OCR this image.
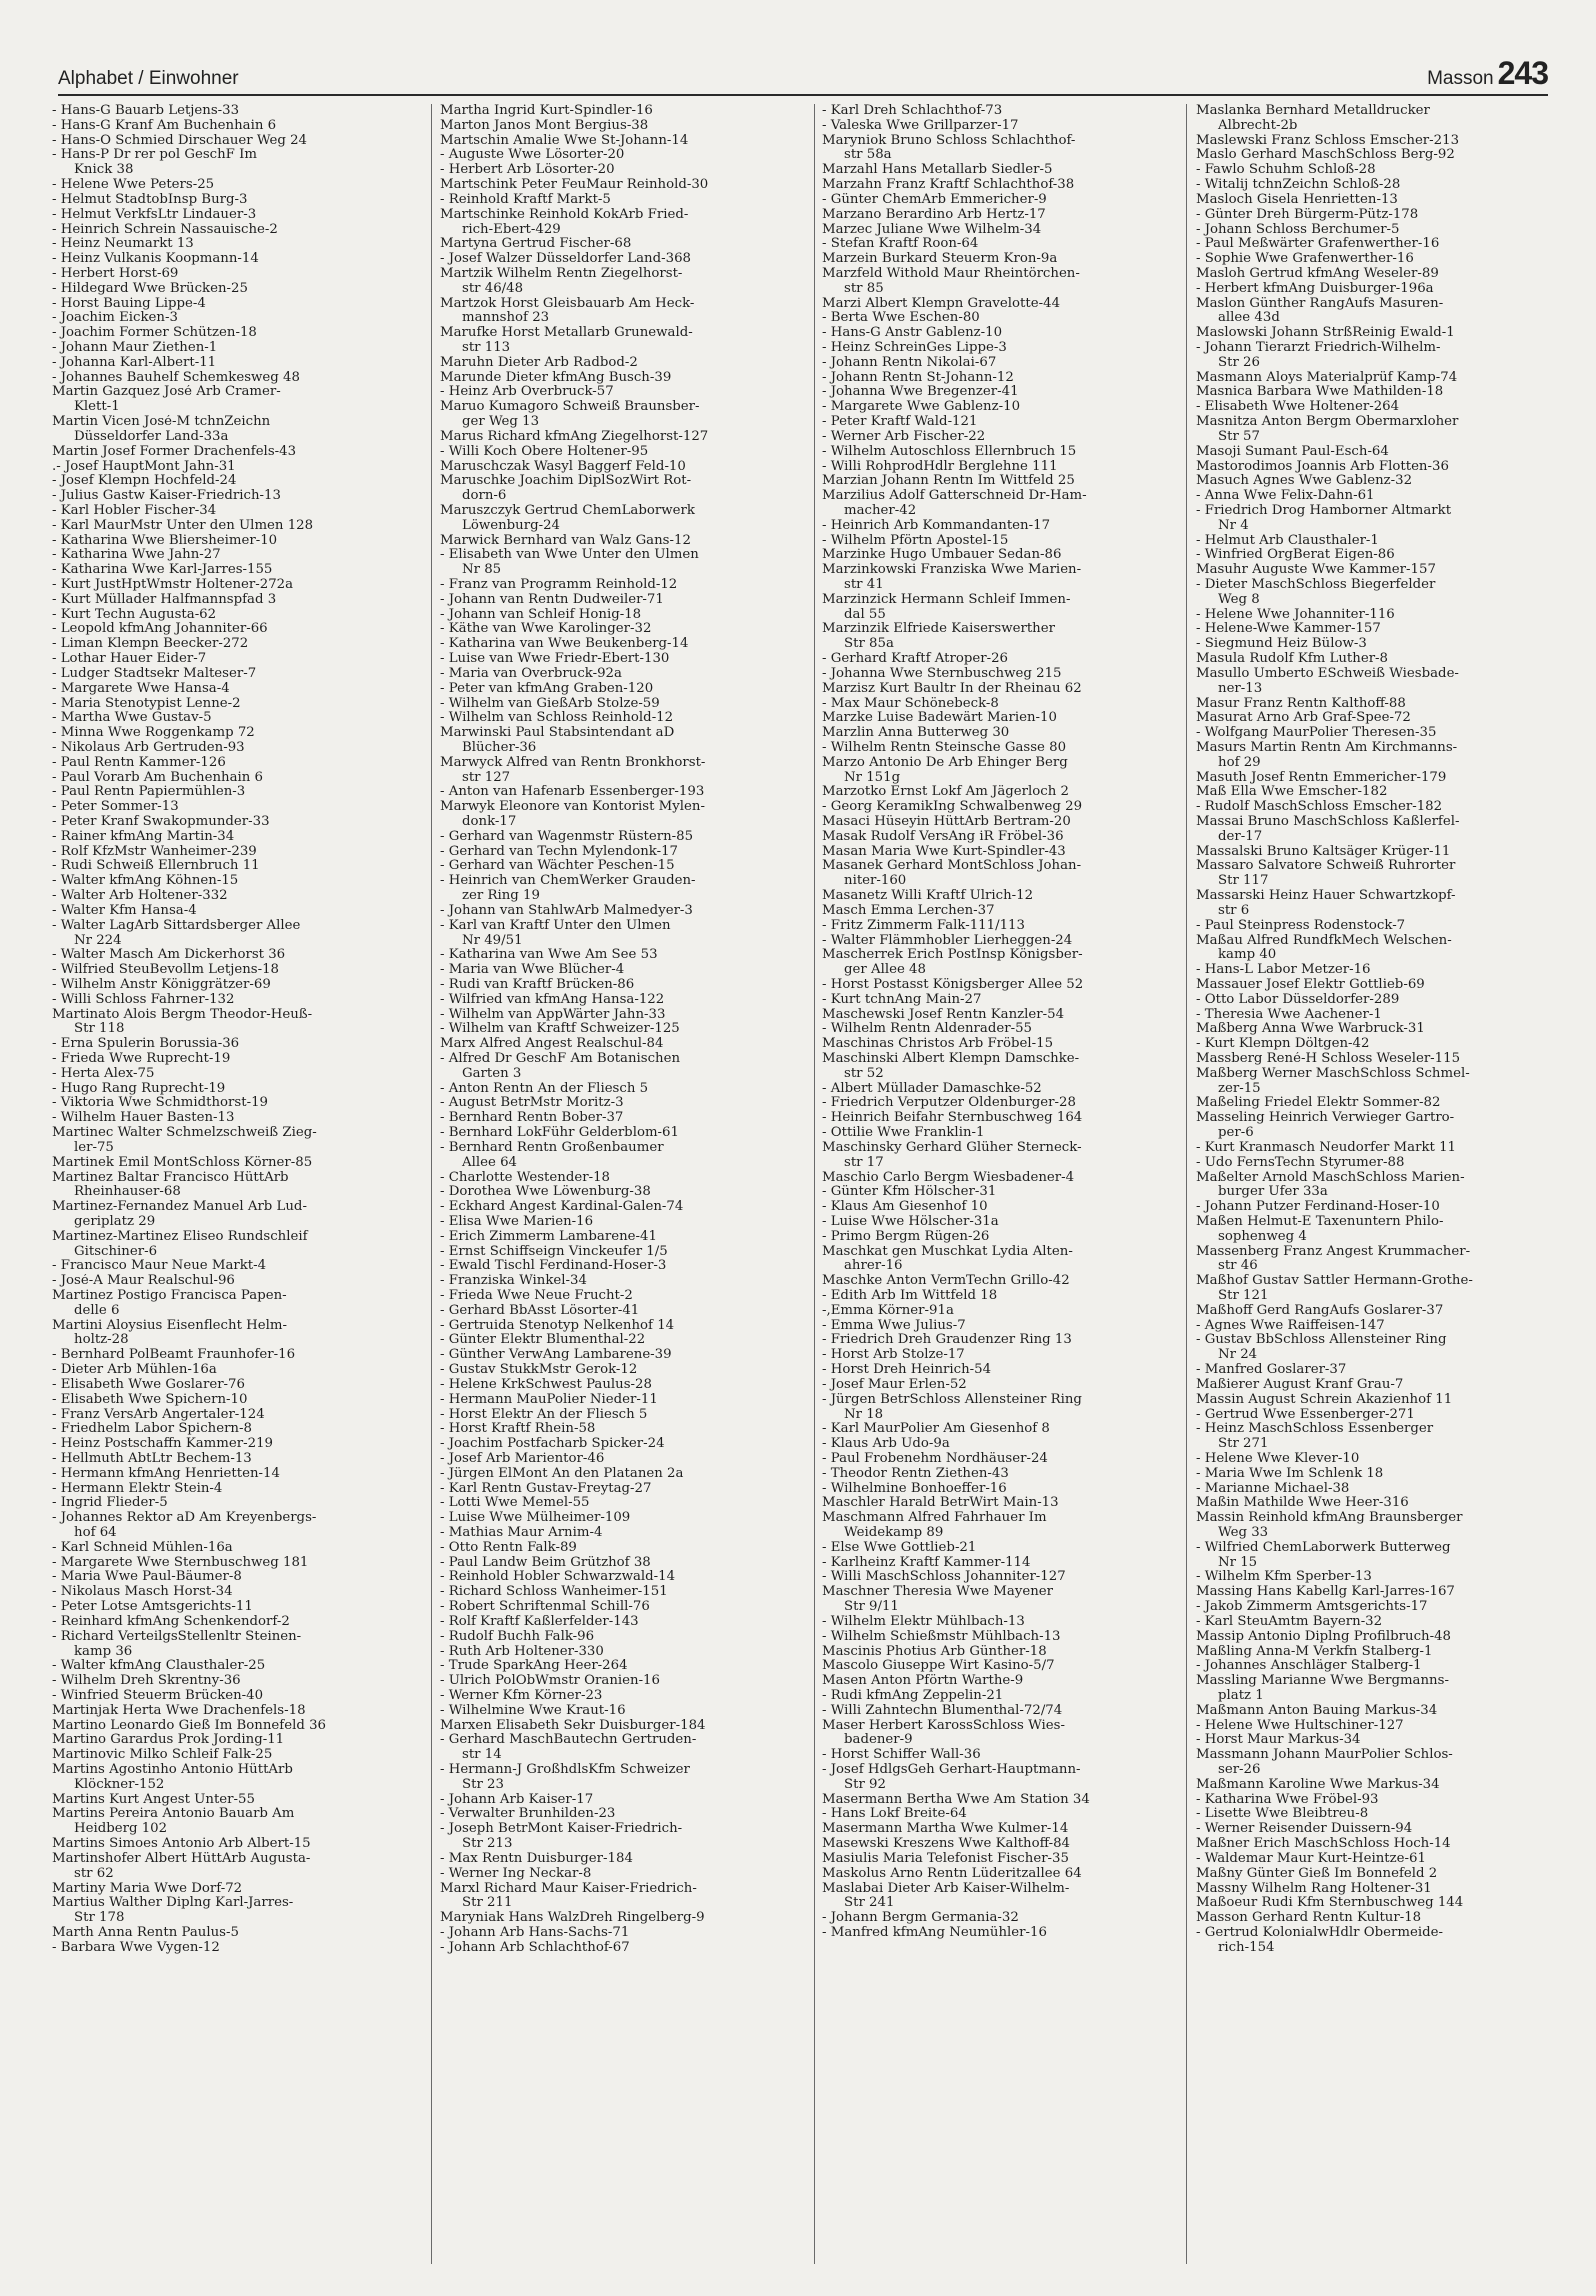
Alphabet / Einwohner	Masson 243
- Hans-G Bauarb Letjens-33
- Hans-G Kranf Am Buchenhain 6
- Hans-O Schmied Dirschauer Weg 24
- Hans-P Dr rer pol GeschF Im
Knick 38
- Helene Wwe Peters-25
- Helmut StadtobInsp Burg-3
- Helmut VerkfsLtr Lindauer-3
- Heinrich Schrein Nassauische-2
- Heinz Neumarkt 13
- Heinz Vulkanis Koopmann-14
- Herbert Horst-69
- Hildegard Wwe Brücken-25
- Horst Bauing Lippe-4
- Joachim Eicken-3
- Joachim Former Schützen-18
- Johann Maur Ziethen-1
- Johanna Karl-Albert-11
- Johannes Bauhelf Schemkesweg 48
Martin Gazquez José Arb Cramer-
Klett-1
Martin Vicen José-M tchnZeichn
Düsseldorfer Land-33a
Martin Josef Former Drachenfels-43
.- Josef HauptMont Jahn-31
- Josef Klempn Hochfeld-24
- Julius Gastw Kaiser-Friedrich-13
- Karl Hobler Fischer-34
- Karl MaurMstr Unter den Ulmen 128
- Katharina Wwe Bliersheimer-10
- Katharina Wwe Jahn-27
- Katharina Wwe Karl-Jarres-155
- Kurt JustHptWmstr Holtener-272a
- Kurt Müllader Halfmannspfad 3
- Kurt Techn Augusta-62
- Leopold kfmAng Johanniter-66
- Liman Klempn Beecker-272
- Lothar Hauer Eider-7
- Ludger Stadtsekr Malteser-7
- Margarete Wwe Hansa-4
- Maria Stenotypist Lenne-2
- Martha Wwe Gustav-5
- Minna Wwe Roggenkamp 72
- Nikolaus Arb Gertruden-93
- Paul Rentn Kammer-126
- Paul Vorarb Am Buchenhain 6
- Paul Rentn Papiermühlen-3
- Peter Sommer-13
- Peter Kranf Swakopmunder-33
- Rainer kfmAng Martin-34
- Rolf KfzMstr Wanheimer-239
- Rudi Schweiß Ellernbruch 11
- Walter kfmAng Köhnen-15
- Walter Arb Holtener-332
- Walter Kfm Hansa-4
- Walter LagArb Sittardsberger Allee
Nr 224
- Walter Masch Am Dickerhorst 36
- Wilfried SteuBevollm Letjens-18
- Wilhelm Anstr Königgrätzer-69
- Willi Schloss Fahrner-132
Martinato Alois Bergm Theodor-Heuß-
Str 118
- Erna Spulerin Borussia-36
- Frieda Wwe Ruprecht-19
- Herta Alex-75
- Hugo Rang Ruprecht-19
- Viktoria Wwe Schmidthorst-19
- Wilhelm Hauer Basten-13
Martinec Walter Schmelzschweiß Zieg-
ler-75
Martinek Emil MontSchloss Körner-85
Martinez Baltar Francisco HüttArb
Rheinhauser-68
Martinez-Fernandez Manuel Arb Lud-
geriplatz 29
Martinez-Martinez Eliseo Rundschleif
Gitschiner-6
- Francisco Maur Neue Markt-4
- José-A Maur Realschul-96
Martinez Postigo Francisca Papen-
delle 6
Martini Aloysius Eisenflecht Helm-
holtz-28
- Bernhard PolBeamt Fraunhofer-16
- Dieter Arb Mühlen-16a
- Elisabeth Wwe Goslarer-76
- Elisabeth Wwe Spichern-10
- Franz VersArb Angertaler-124
- Friedhelm Labor Spichern-8
- Heinz Postschaffn Kammer-219
- Hellmuth AbtLtr Bechem-13
- Hermann kfmAng Henrietten-14
- Hermann Elektr Stein-4
- Ingrid Flieder-5
- Johannes Rektor aD Am Kreyenbergs-
hof 64
- Karl Schneid Mühlen-16a
- Margarete Wwe Sternbuschweg 181
- Maria Wwe Paul-Bäumer-8
- Nikolaus Masch Horst-34
- Peter Lotse Amtsgerichts-11
- Reinhard kfmAng Schenkendorf-2
- Richard VerteilgsStellenltr Steinen-
kamp 36
- Walter kfmAng Clausthaler-25
- Wilhelm Dreh Skrentny-36
- Winfried Steuerm Brücken-40
Martinjak Herta Wwe Drachenfels-18
Martino Leonardo Gieß Im Bonnefeld 36
Martino Garardus Prok Jording-11
Martinovic Milko Schleif Falk-25
Martins Agostinho Antonio HüttArb
Klöckner-152
Martins Kurt Angest Unter-55
Martins Pereira Antonio Bauarb Am
Heidberg 102
Martins Simoes Antonio Arb Albert-15
Martinshofer Albert HüttArb Augusta-
str 62
Martiny Maria Wwe Dorf-72
Martius Walther Diplng Karl-Jarres-
Str 178
Marth Anna Rentn Paulus-5
- Barbara Wwe Vygen-12
Martha Ingrid Kurt-Spindler-16
Marton Janos Mont Bergius-38
Martschin Amalie Wwe St-Johann-14
- Auguste Wwe Lösorter-20
- Herbert Arb Lösorter-20
Martschink Peter FeuMaur Reinhold-30
- Reinhold Kraftf Markt-5
Martschinke Reinhold KokArb Fried-
rich-Ebert-429
Martyna Gertrud Fischer-68
- Josef Walzer Düsseldorfer Land-368
Martzik Wilhelm Rentn Ziegelhorst-
str 46/48
Martzok Horst Gleisbauarb Am Heck-
mannshof 23
Marufke Horst Metallarb Grunewald-
str 113
Maruhn Dieter Arb Radbod-2
Marunde Dieter kfmAng Busch-39
- Heinz Arb Overbruck-57
Maruo Kumagoro Schweiß Braunsber-
ger Weg 13
Marus Richard kfmAng Ziegelhorst-127
- Willi Koch Obere Holtener-95
Maruschczak Wasyl Baggerf Feld-10
Maruschke Joachim DiplSozWirt Rot-
dorn-6
Maruszczyk Gertrud ChemLaborwerk
Löwenburg-24
Marwick Bernhard van Walz Gans-12
- Elisabeth van Wwe Unter den Ulmen
Nr 85
- Franz van Programm Reinhold-12
- Johann van Rentn Dudweiler-71
- Johann van Schleif Honig-18
- Käthe van Wwe Karolinger-32
- Katharina van Wwe Beukenberg-14
- Luise van Wwe Friedr-Ebert-130
- Maria van Overbruck-92a
- Peter van kfmAng Graben-120
- Wilhelm van GießArb Stolze-59
- Wilhelm van Schloss Reinhold-12
Marwinski Paul Stabsintendant aD
Blücher-36
Marwyck Alfred van Rentn Bronkhorst-
str 127
- Anton van Hafenarb Essenberger-193
Marwyk Eleonore van Kontorist Mylen-
donk-17
- Gerhard van Wagenmstr Rüstern-85
- Gerhard van Techn Mylendonk-17
- Gerhard van Wächter Peschen-15
- Heinrich van ChemWerker Grauden-
zer Ring 19
- Johann van StahlwArb Malmedyer-3
- Karl van Kraftf Unter den Ulmen
Nr 49/51
- Katharina van Wwe Am See 53
- Maria van Wwe Blücher-4
- Rudi van Kraftf Brücken-86
- Wilfried van kfmAng Hansa-122
- Wilhelm van AppWärter Jahn-33
- Wilhelm van Kraftf Schweizer-125
Marx Alfred Angest Realschul-84
- Alfred Dr GeschF Am Botanischen
Garten 3
- Anton Rentn An der Fliesch 5
- August BetrMstr Moritz-3
- Bernhard Rentn Bober-37
- Bernhard LokFühr Gelderblom-61
- Bernhard Rentn Großenbaumer
Allee 64
- Charlotte Westender-18
- Dorothea Wwe Löwenburg-38
- Eckhard Angest Kardinal-Galen-74
- Elisa Wwe Marien-16
- Erich Zimmerm Lambarene-41
- Ernst Schiffseign Vinckeufer 1/5
- Ewald Tischl Ferdinand-Hoser-3
- Franziska Winkel-34
- Frieda Wwe Neue Frucht-2
- Gerhard BbAsst Lösorter-41
- Gertruida Stenotyp Nelkenhof 14
- Günter Elektr Blumenthal-22
- Günther VerwAng Lambarene-39
- Gustav StukkMstr Gerok-12
- Helene KrkSchwest Paulus-28
- Hermann MauPolier Nieder-11
- Horst Elektr An der Fliesch 5
- Horst Kraftf Rhein-58
- Joachim Postfacharb Spicker-24
- Josef Arb Marientor-46
- Jürgen ElMont An den Platanen 2a
- Karl Rentn Gustav-Freytag-27
- Lotti Wwe Memel-55
- Luise Wwe Mülheimer-109
- Mathias Maur Arnim-4
- Otto Rentn Falk-89
- Paul Landw Beim Grützhof 38
- Reinhold Hobler Schwarzwald-14
- Richard Schloss Wanheimer-151
- Robert Schriftenmal Schill-76
- Rolf Kraftf Kaßlerfelder-143
- Rudolf Buchh Falk-96
- Ruth Arb Holtener-330
- Trude SparkAng Heer-264
- Ulrich PolObWmstr Oranien-16
- Werner Kfm Körner-23
- Wilhelmine Wwe Kraut-16
Marxen Elisabeth Sekr Duisburger-184
- Gerhard MaschBautechn Gertruden-
str 14
- Hermann-J GroßhdlsKfm Schweizer
Str 23
- Johann Arb Kaiser-17
- Verwalter Brunhilden-23
- Joseph BetrMont Kaiser-Friedrich-
Str 213
- Max Rentn Duisburger-184
- Werner Ing Neckar-8
Marxl Richard Maur Kaiser-Friedrich-
Str 211
Maryniak Hans WalzDreh Ringelberg-9
- Johann Arb Hans-Sachs-71
- Johann Arb Schlachthof-67
- Karl Dreh Schlachthof-73
- Valeska Wwe Grillparzer-17
Maryniok Bruno Schloss Schlachthof-
str 58a
Marzahl Hans Metallarb Siedler-5
Marzahn Franz Kraftf Schlachthof-38
- Günter ChemArb Emmericher-9
Marzano Berardino Arb Hertz-17
Marzec Juliane Wwe Wilhelm-34
- Stefan Kraftf Roon-64
Marzein Burkard Steuerm Kron-9a
Marzfeld Withold Maur Rheintörchen-
str 85
Marzi Albert Klempn Gravelotte-44
- Berta Wwe Eschen-80
- Hans-G Anstr Gablenz-10
- Heinz SchreinGes Lippe-3
- Johann Rentn Nikolai-67
- Johann Rentn St-Johann-12
- Johanna Wwe Bregenzer-41
- Margarete Wwe Gablenz-10
- Peter Kraftf Wald-121
- Werner Arb Fischer-22
- Wilhelm Autoschloss Ellernbruch 15
- Willi RohprodHdlr Berglehne 111
Marzian Johann Rentn Im Wittfeld 25
Marzilius Adolf Gatterschneid Dr-Ham-
macher-42
- Heinrich Arb Kommandanten-17
- Wilhelm Pförtn Apostel-15
Marzinke Hugo Umbauer Sedan-86
Marzinkowski Franziska Wwe Marien-
str 41
Marzinzick Hermann Schleif Immen-
dal 55
Marzinzik Elfriede Kaiserswerther
Str 85a
- Gerhard Kraftf Atroper-26
- Johanna Wwe Sternbuschweg 215
Marzisz Kurt Baultr In der Rheinau 62
- Max Maur Schönebeck-8
Marzke Luise Badewärt Marien-10
Marzlin Anna Butterweg 30
- Wilhelm Rentn Steinsche Gasse 80
Marzo Antonio De Arb Ehinger Berg
Nr 151g
Marzotko Ernst Lokf Am Jägerloch 2
- Georg KeramikIng Schwalbenweg 29
Masaci Hüseyin HüttArb Bertram-20
Masak Rudolf VersAng iR Fröbel-36
Masan Maria Wwe Kurt-Spindler-43
Masanek Gerhard MontSchloss Johan-
niter-160
Masanetz Willi Kraftf Ulrich-12
Masch Emma Lerchen-37
- Fritz Zimmerm Falk-111/113
- Walter Flämmhobler Lierheggen-24
Mascherrek Erich PostInsp Königsber-
ger Allee 48
- Horst Postasst Königsberger Allee 52
- Kurt tchnAng Main-27
Maschewski Josef Rentn Kanzler-54
- Wilhelm Rentn Aldenrader-55
Maschinas Christos Arb Fröbel-15
Maschinski Albert Klempn Damschke-
str 52
- Albert Müllader Damaschke-52
- Friedrich Verputzer Oldenburger-28
- Heinrich Beifahr Sternbuschweg 164
- Ottilie Wwe Franklin-1
Maschinsky Gerhard Glüher Sterneck-
str 17
Maschio Carlo Bergm Wiesbadener-4
- Günter Kfm Hölscher-31
- Klaus Am Giesenhof 10
- Luise Wwe Hölscher-31a
- Primo Bergm Rügen-26
Maschkat gen Muschkat Lydia Alten-
ahrer-16
Maschke Anton VermTechn Grillo-42
- Edith Arb Im Wittfeld 18
-,Emma Körner-91a
- Emma Wwe Julius-7
- Friedrich Dreh Graudenzer Ring 13
- Horst Arb Stolze-17
- Horst Dreh Heinrich-54
- Josef Maur Erlen-52
- Jürgen BetrSchloss Allensteiner Ring
Nr 18
- Karl MaurPolier Am Giesenhof 8
- Klaus Arb Udo-9a
- Paul Frobenehm Nordhäuser-24
- Theodor Rentn Ziethen-43
- Wilhelmine Bonhoeffer-16
Maschler Harald BetrWirt Main-13
Maschmann Alfred Fahrhauer Im
Weidekamp 89
- Else Wwe Gottlieb-21
- Karlheinz Kraftf Kammer-114
- Willi MaschSchloss Johanniter-127
Maschner Theresia Wwe Mayener
Str 9/11
- Wilhelm Elektr Mühlbach-13
- Wilhelm Schießmstr Mühlbach-13
Mascinis Photius Arb Günther-18
Mascolo Giuseppe Wirt Kasino-5/7
Masen Anton Pförtn Warthe-9
- Rudi kfmAng Zeppelin-21
- Willi Zahntechn Blumenthal-72/74
Maser Herbert KarossSchloss Wies-
badener-9
- Horst Schiffer Wall-36
- Josef HdlgsGeh Gerhart-Hauptmann-
Str 92
Masermann Bertha Wwe Am Station 34
- Hans Lokf Breite-64
Masermann Martha Wwe Kulmer-14
Masewski Kreszens Wwe Kalthoff-84
Masiulis Maria Telefonist Fischer-35
Maskolus Arno Rentn Lüderitzallee 64
Maslabai Dieter Arb Kaiser-Wilhelm-
Str 241
- Johann Bergm Germania-32
- Manfred kfmAng Neumühler-16
Maslanka Bernhard Metalldrucker
Albrecht-2b
Maslewski Franz Schloss Emscher-213
Maslo Gerhard MaschSchloss Berg-92
- Fawlo Schuhm Schloß-28
- Witalij tchnZeichn Schloß-28
Masloch Gisela Henrietten-13
- Günter Dreh Bürgerm-Pütz-178
- Johann Schloss Berchumer-5
- Paul Meßwärter Grafenwerther-16
- Sophie Wwe Grafenwerther-16
Masloh Gertrud kfmAng Weseler-89
- Herbert kfmAng Duisburger-196a
Maslon Günther RangAufs Masuren-
allee 43d
Maslowski Johann StrßReinig Ewald-1
- Johann Tierarzt Friedrich-Wilhelm-
Str 26
Masmann Aloys Materialprüf Kamp-74
Masnica Barbara Wwe Mathilden-18
- Elisabeth Wwe Holtener-264
Masnitza Anton Bergm Obermarxloher
Str 57
Masoji Sumant Paul-Esch-64
Mastorodimos Joannis Arb Flotten-36
Masuch Agnes Wwe Gablenz-32
- Anna Wwe Felix-Dahn-61
- Friedrich Drog Hamborner Altmarkt
Nr 4
- Helmut Arb Clausthaler-1
- Winfried OrgBerat Eigen-86
Masuhr Auguste Wwe Kammer-157
- Dieter MaschSchloss Biegerfelder
Weg 8
- Helene Wwe Johanniter-116
- Helene-Wwe Kammer-157
- Siegmund Heiz Bülow-3
Masula Rudolf Kfm Luther-8
Masullo Umberto ESchweiß Wiesbade-
ner-13
Masur Franz Rentn Kalthoff-88
Masurat Arno Arb Graf-Spee-72
- Wolfgang MaurPolier Theresen-35
Masurs Martin Rentn Am Kirchmanns-
hof 29
Masuth Josef Rentn Emmericher-179
Maß Ella Wwe Emscher-182
- Rudolf MaschSchloss Emscher-182
Massai Bruno MaschSchloss Kaßlerfel-
der-17
Massalski Bruno Kaltsäger Krüger-11
Massaro Salvatore Schweiß Ruhrorter
Str 117
Massarski Heinz Hauer Schwartzkopf-
str 6
- Paul Steinpress Rodenstock-7
Maßau Alfred RundfkMech Welschen-
kamp 40
- Hans-L Labor Metzer-16
Massauer Josef Elektr Gottlieb-69
- Otto Labor Düsseldorfer-289
- Theresia Wwe Aachener-1
Maßberg Anna Wwe Warbruck-31
- Kurt Klempn Döltgen-42
Massberg René-H Schloss Weseler-115
Maßberg Werner MaschSchloss Schmel-
zer-15
Maßeling Friedel Elektr Sommer-82
Masseling Heinrich Verwieger Gartro-
per-6
- Kurt Kranmasch Neudorfer Markt 11
- Udo FernsTechn Styrumer-88
Maßelter Arnold MaschSchloss Marien-
burger Ufer 33a
- Johann Putzer Ferdinand-Hoser-10
Maßen Helmut-E Taxenuntern Philo-
sophenweg 4
Massenberg Franz Angest Krummacher-
str 46
Maßhof Gustav Sattler Hermann-Grothe-
Str 121
Maßhoff Gerd RangAufs Goslarer-37
- Agnes Wwe Raiffeisen-147
- Gustav BbSchloss Allensteiner Ring
Nr 24
- Manfred Goslarer-37
Maßierer August Kranf Grau-7
Massin August Schrein Akazienhof 11
- Gertrud Wwe Essenberger-271
- Heinz MaschSchloss Essenberger
Str 271
- Helene Wwe Klever-10
- Maria Wwe Im Schlenk 18
- Marianne Michael-38
Maßin Mathilde Wwe Heer-316
Massin Reinhold kfmAng Braunsberger
Weg 33
- Wilfried ChemLaborwerk Butterweg
Nr 15
- Wilhelm Kfm Sperber-13
Massing Hans Kabellg Karl-Jarres-167
- Jakob Zimmerm Amtsgerichts-17
- Karl SteuAmtm Bayern-32
Massip Antonio Diplng Profilbruch-48
Maßling Anna-M Verkfn Stalberg-1
- Johannes Anschläger Stalberg-1
Massling Marianne Wwe Bergmanns-
platz 1
Maßmann Anton Bauing Markus-34
- Helene Wwe Hultschiner-127
- Horst Maur Markus-34
Massmann Johann MaurPolier Schlos-
ser-26
Maßmann Karoline Wwe Markus-34
- Katharina Wwe Fröbel-93
- Lisette Wwe Bleibtreu-8
- Werner Reisender Duissern-94
Maßner Erich MaschSchloss Hoch-14
- Waldemar Maur Kurt-Heintze-61
Maßny Günter Gieß Im Bonnefeld 2
Massny Wilhelm Rang Holtener-31
Maßoeur Rudi Kfm Sternbuschweg 144
Masson Gerhard Rentn Kultur-18
- Gertrud KolonialwHdlr Obermeide-
rich-154
